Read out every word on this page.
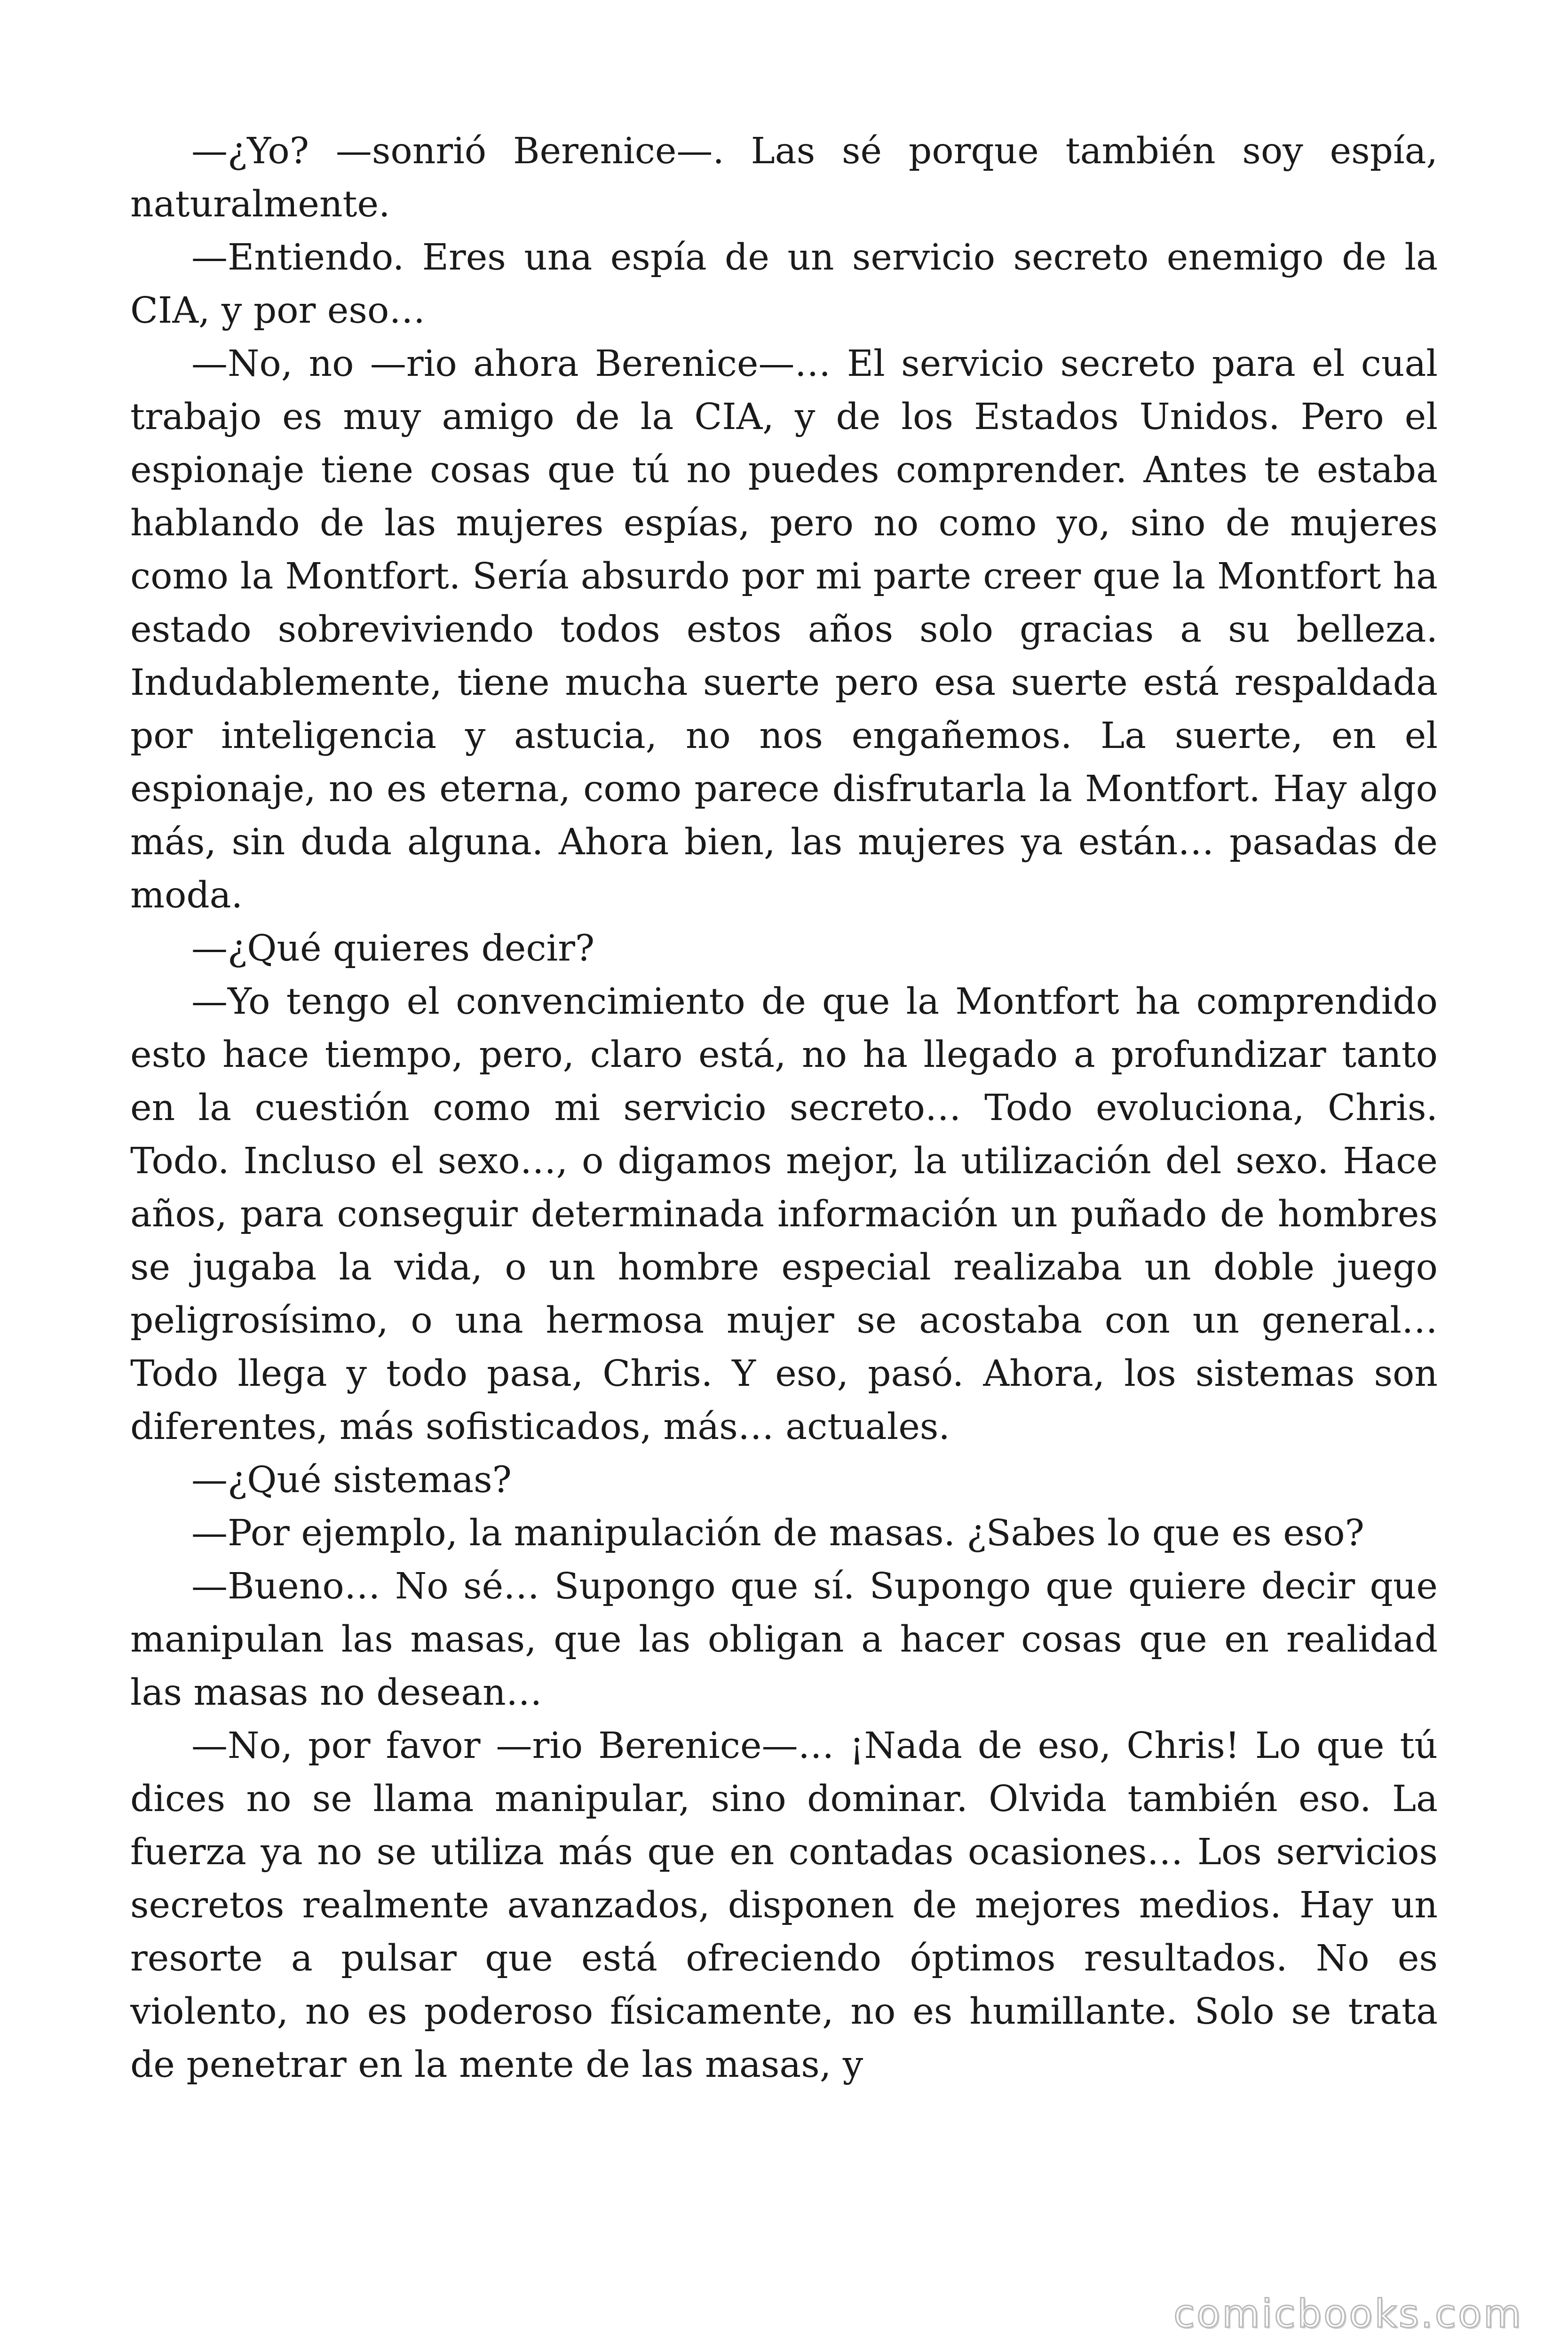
—¿Yo? —sonrió Berenice—. Las sé porque también soy espía, naturalmente.

—Entiendo. Eres una espía de un servicio secreto enemigo de la CIA, y por eso…

—No, no —rio ahora Berenice—… El servicio secreto para el cual trabajo es muy amigo de la CIA, y de los Estados Unidos. Pero el espionaje tiene cosas que tú no puedes comprender. Antes te estaba hablando de las mujeres espías, pero no como yo, sino de mujeres como la Montfort. Sería absurdo por mi parte creer que la Montfort ha estado sobreviviendo todos estos años solo gracias a su belleza. Indudablemente, tiene mucha suerte pero esa suerte está respaldada por inteligencia y astucia, no nos engañemos. La suerte, en el espionaje, no es eterna, como parece disfrutarla la Montfort. Hay algo más, sin duda alguna. Ahora bien, las mujeres ya están… pasadas de moda.

—¿Qué quieres decir?

—Yo tengo el convencimiento de que la Montfort ha comprendido esto hace tiempo, pero, claro está, no ha llegado a profundizar tanto en la cuestión como mi servicio secreto… Todo evoluciona, Chris. Todo. Incluso el sexo…, o digamos mejor, la utilización del sexo. Hace años, para conseguir determinada información un puñado de hombres se jugaba la vida, o un hombre especial realizaba un doble juego peligrosísimo, o una hermosa mujer se acostaba con un general… Todo llega y todo pasa, Chris. Y eso, pasó. Ahora, los sistemas son diferentes, más sofisticados, más… actuales.

—¿Qué sistemas?

—Por ejemplo, la manipulación de masas. ¿Sabes lo que es eso?

—Bueno… No sé… Supongo que sí. Supongo que quiere decir que manipulan las masas, que las obligan a hacer cosas que en realidad las masas no desean…

—No, por favor —rio Berenice—… ¡Nada de eso, Chris! Lo que tú dices no se llama manipular, sino dominar. Olvida también eso. La fuerza ya no se utiliza más que en contadas ocasiones… Los servicios secretos realmente avanzados, disponen de mejores medios. Hay un resorte a pulsar que está ofreciendo óptimos resultados. No es violento, no es poderoso físicamente, no es humillante. Solo se trata de penetrar en la mente de las masas, y

comicbooks.com
